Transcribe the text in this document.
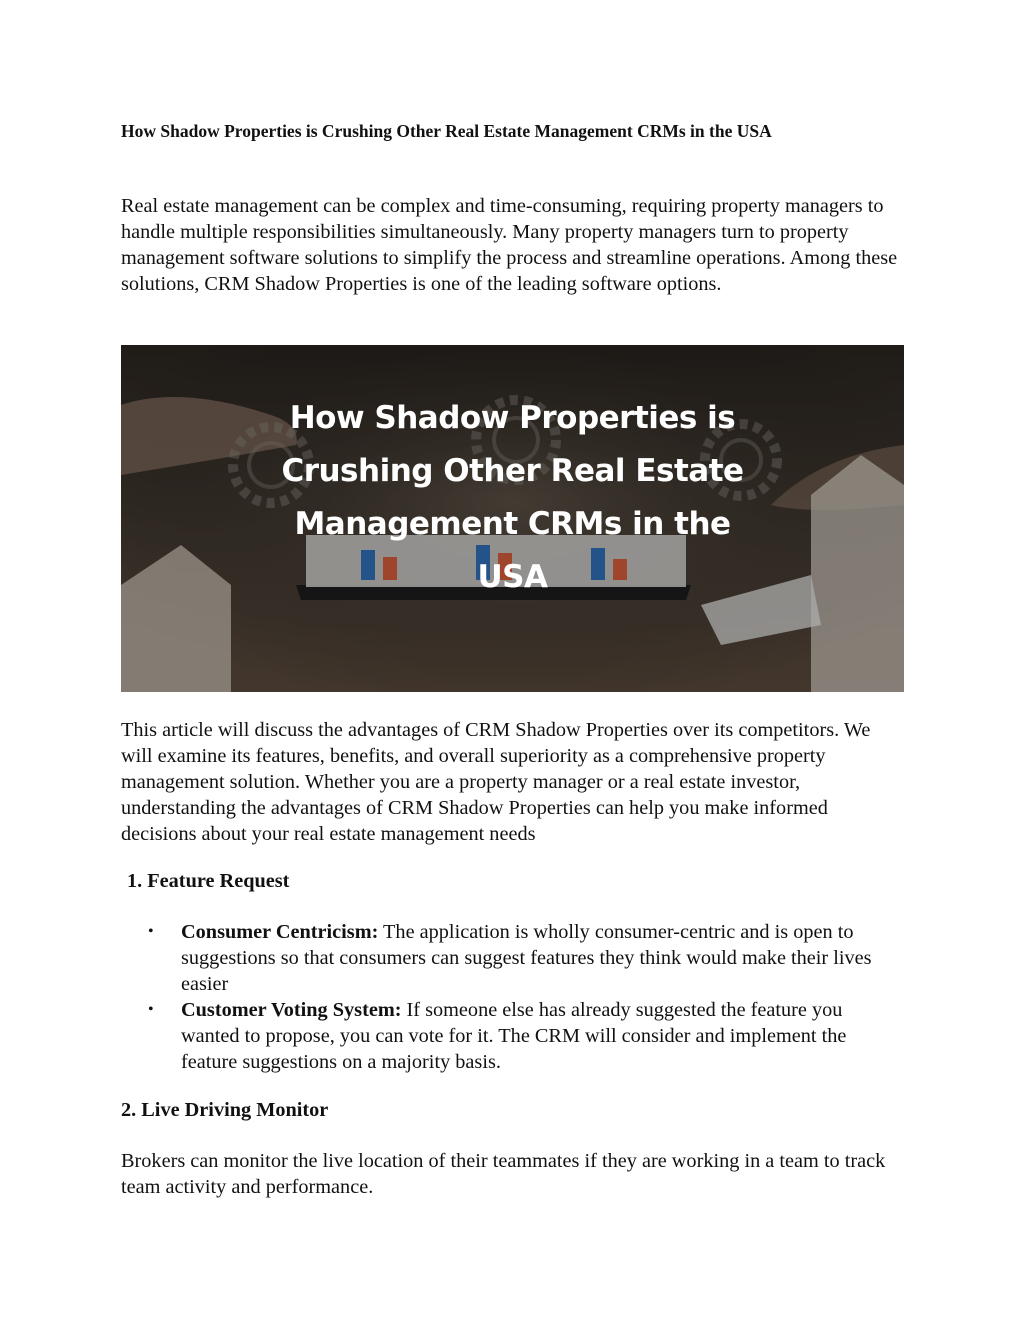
How Shadow Properties is Crushing Other Real Estate Management CRMs in the USA

Real estate management can be complex and time-consuming, requiring property managers to handle multiple responsibilities simultaneously. Many property managers turn to property management software solutions to simplify the process and streamline operations. Among these solutions, CRM Shadow Properties is one of the leading software options.

How Shadow Properties is
Crushing Other Real Estate
Management CRMs in the
USA

This article will discuss the advantages of CRM Shadow Properties over its competitors. We will examine its features, benefits, and overall superiority as a comprehensive property management solution. Whether you are a property manager or a real estate investor, understanding the advantages of CRM Shadow Properties can help you make informed decisions about your real estate management needs

1. Feature Request
• Consumer Centricism: The application is wholly consumer-centric and is open to suggestions so that consumers can suggest features they think would make their lives easier
• Customer Voting System: If someone else has already suggested the feature you wanted to propose, you can vote for it. The CRM will consider and implement the feature suggestions on a majority basis.
2. Live Driving Monitor

Brokers can monitor the live location of their teammates if they are working in a team to track team activity and performance.
